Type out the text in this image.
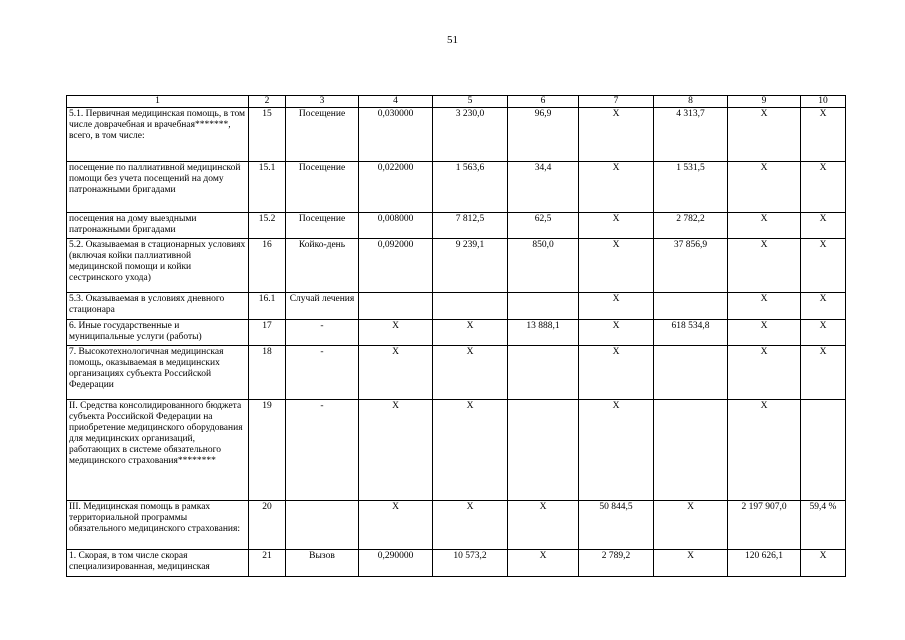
51
1	2	3	4	5	6	7	8	9	10
5.1. Первичная медицинская помощь, в том числе доврачебная и врачебная*******, всего, в том числе:	15	Посещение	0,030000	3 230,0	96,9	Х	4 313,7	Х	Х
посещение по паллиативной медицинской помощи без учета посещений на дому патронажными бригадами	15.1	Посещение	0,022000	1 563,6	34,4	Х	1 531,5	Х	Х
посещения на дому выездными патронажными бригадами	15.2	Посещение	0,008000	7 812,5	62,5	Х	2 782,2	Х	Х
5.2. Оказываемая в стационарных условиях (включая койки паллиативной медицинской помощи и койки сестринского ухода)	16	Койко-день	0,092000	9 239,1	850,0	Х	37 856,9	Х	Х
5.3. Оказываемая в условиях дневного стационара	16.1	Случай лечения				Х		Х	Х
6. Иные государственные и муниципальные услуги (работы)	17	-	Х	Х	13 888,1	Х	618 534,8	Х	Х
7. Высокотехнологичная медицинская помощь, оказываемая в медицинских организациях субъекта Российской Федерации	18	-	Х	Х		Х		Х	Х
II. Средства консолидированного бюджета субъекта Российской Федерации на приобретение медицинского оборудования для медицинских организаций, работающих в системе обязательного медицинского страхования********	19	-	Х	Х		Х		Х	
III. Медицинская помощь в рамках территориальной программы обязательного медицинского страхования:	20		Х	Х	Х	50 844,5	Х	2 197 907,0	59,4 %
1. Скорая, в том числе скорая специализированная, медицинская	21	Вызов	0,290000	10 573,2	Х	2 789,2	Х	120 626,1	Х
